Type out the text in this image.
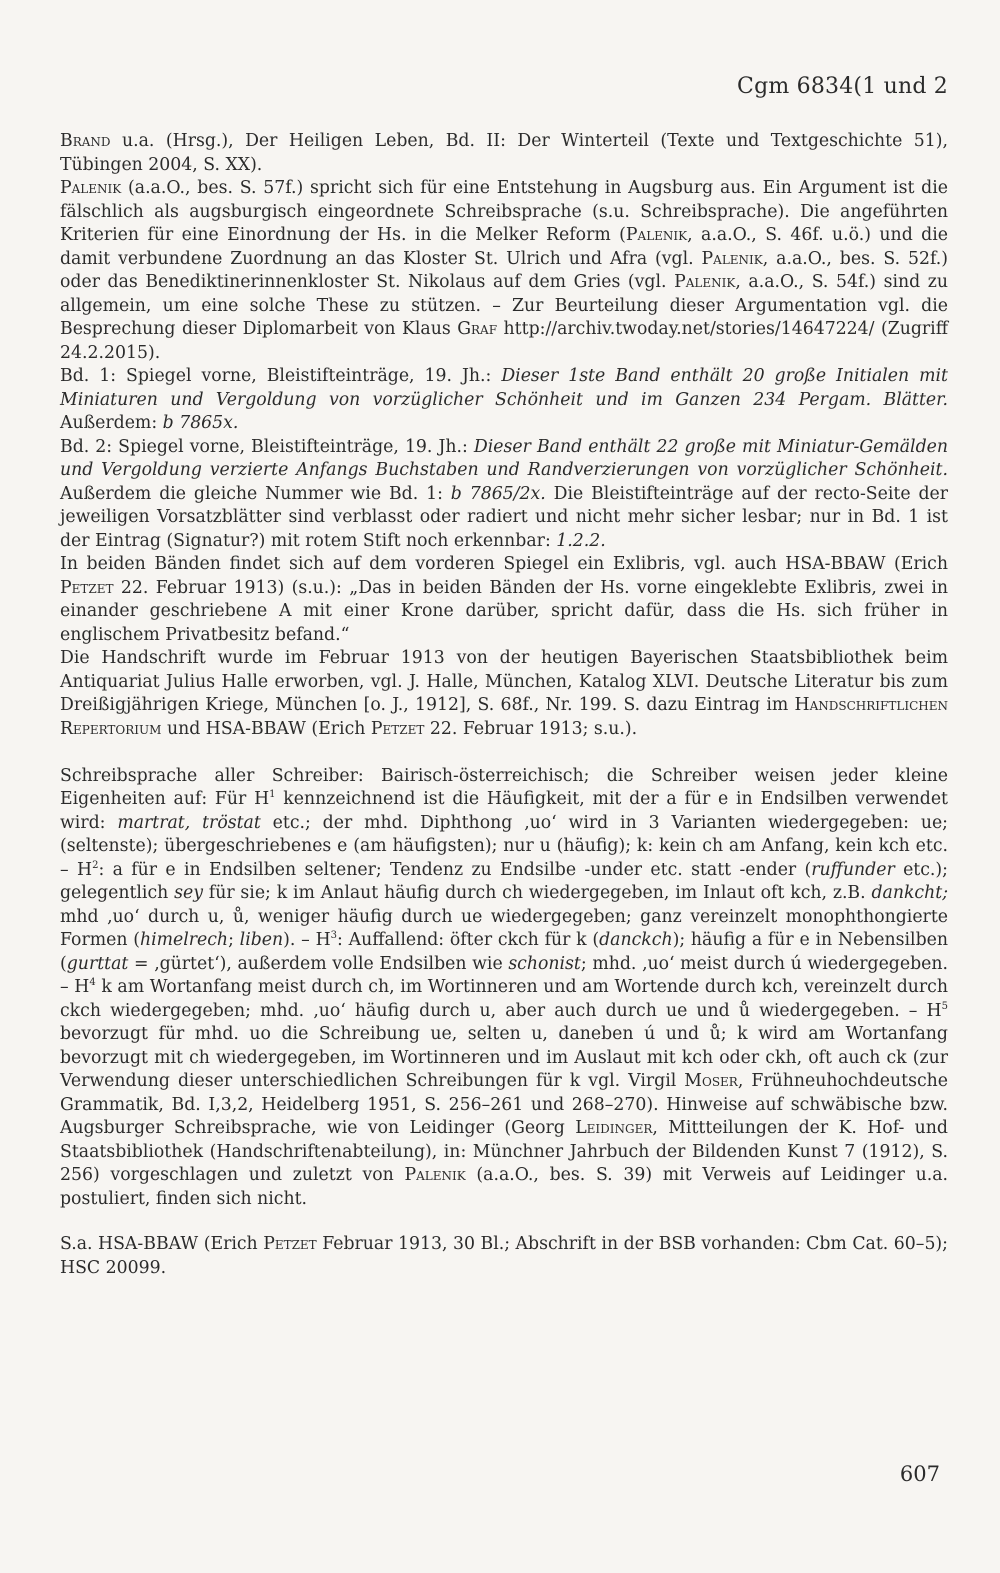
Cgm 6834(1 und 2

Brand u.a. (Hrsg.), Der Heiligen Leben, Bd. II: Der Winterteil (Texte und Textgeschichte 51), Tübingen 2004, S. XX).

Palenik (a.a.O., bes. S. 57f.) spricht sich für eine Entstehung in Augsburg aus. Ein Argument ist die fälschlich als augsburgisch eingeordnete Schreibsprache (s.u. Schreibsprache). Die angeführten Kriterien für eine Einordnung der Hs. in die Melker Reform (Palenik, a.a.O., S. 46f. u.ö.) und die damit verbundene Zuordnung an das Kloster St. Ulrich und Afra (vgl. Palenik, a.a.O., bes. S. 52f.) oder das Benediktinerinnenkloster St. Nikolaus auf dem Gries (vgl. Palenik, a.a.O., S. 54f.) sind zu allgemein, um eine solche These zu stützen. – Zur Beurteilung dieser Argumentation vgl. die Besprechung dieser Diplomarbeit von Klaus Graf http://archiv.twoday.net/stories/14647224/ (Zugriff 24.2.2015).

Bd. 1: Spiegel vorne, Bleistifteinträge, 19. Jh.: Dieser 1ste Band enthält 20 große Initialen mit Miniaturen und Vergoldung von vorzüglicher Schönheit und im Ganzen 234 Pergam. Blätter. Außerdem: b 7865x.

Bd. 2: Spiegel vorne, Bleistifteinträge, 19. Jh.: Dieser Band enthält 22 große mit Miniatur-Gemälden und Vergoldung verzierte Anfangs Buchstaben und Randverzierungen von vorzüglicher Schönheit. Außerdem die gleiche Nummer wie Bd. 1: b 7865/2x. Die Bleistifteinträge auf der recto-Seite der jeweiligen Vorsatzblätter sind verblasst oder radiert und nicht mehr sicher lesbar; nur in Bd. 1 ist der Eintrag (Signatur?) mit rotem Stift noch erkennbar: 1.2.2.

In beiden Bänden findet sich auf dem vorderen Spiegel ein Exlibris, vgl. auch HSA-BBAW (Erich Petzet 22. Februar 1913) (s.u.): „Das in beiden Bänden der Hs. vorne eingeklebte Exlibris, zwei in einander geschriebene A mit einer Krone darüber, spricht dafür, dass die Hs. sich früher in englischem Privatbesitz befand.“

Die Handschrift wurde im Februar 1913 von der heutigen Bayerischen Staatsbibliothek beim Antiquariat Julius Halle erworben, vgl. J. Halle, München, Katalog XLVI. Deutsche Literatur bis zum Dreißigjährigen Kriege, München [o. J., 1912], S. 68f., Nr. 199. S. dazu Eintrag im Handschriftlichen Repertorium und HSA-BBAW (Erich Petzet 22. Februar 1913; s.u.).

Schreibsprache aller Schreiber: Bairisch-österreichisch; die Schreiber weisen jeder kleine Eigenheiten auf: Für $H^1$ kennzeichnend ist die Häufigkeit, mit der a für e in Endsilben verwendet wird: martrat, tröstat etc.; der mhd. Diphthong ‚uo‘ wird in 3 Varianten wiedergegeben: ue; (seltenste); übergeschriebenes e (am häufigsten); nur u (häufig); k: kein ch am Anfang, kein kch etc. – $H^2$: a für e in Endsilben seltener; Tendenz zu Endsilbe -under etc. statt -ender (ruffunder etc.); gelegentlich sey für sie; k im Anlaut häufig durch ch wiedergegeben, im Inlaut oft kch, z.B. dankcht; mhd ‚uo‘ durch u, ů, weniger häufig durch ue wiedergegeben; ganz vereinzelt monophthongierte Formen (himelrech; liben). – $H^3$: Auffallend: öfter ckch für k (danckch); häufig a für e in Nebensilben (gurttat = ‚gürtet‘), außerdem volle Endsilben wie schonist; mhd. ‚uo‘ meist durch ú wiedergegeben. – $H^4$ k am Wortanfang meist durch ch, im Wortinneren und am Wortende durch kch, vereinzelt durch ckch wiedergegeben; mhd. ‚uo‘ häufig durch u, aber auch durch ue und ů wiedergegeben. – $H^5$ bevorzugt für mhd. uo die Schreibung ue, selten u, daneben ú und ů; k wird am Wortanfang bevorzugt mit ch wiedergegeben, im Wortinneren und im Auslaut mit kch oder ckh, oft auch ck (zur Verwendung dieser unterschiedlichen Schreibungen für k vgl. Virgil Moser, Frühneuhochdeutsche Grammatik, Bd. I,3,2, Heidelberg 1951, S. 256–261 und 268–270). Hinweise auf schwäbische bzw. Augsburger Schreibsprache, wie von Leidinger (Georg Leidinger, Mittteilungen der K. Hof- und Staatsbibliothek (Handschriftenabteilung), in: Münchner Jahrbuch der Bildenden Kunst 7 (1912), S. 256) vorgeschlagen und zuletzt von Palenik (a.a.O., bes. S. 39) mit Verweis auf Leidinger u.a. postuliert, finden sich nicht.

S.a. HSA-BBAW (Erich Petzet Februar 1913, 30 Bl.; Abschrift in der BSB vorhanden: Cbm Cat. 60–5); HSC 20099.

607
